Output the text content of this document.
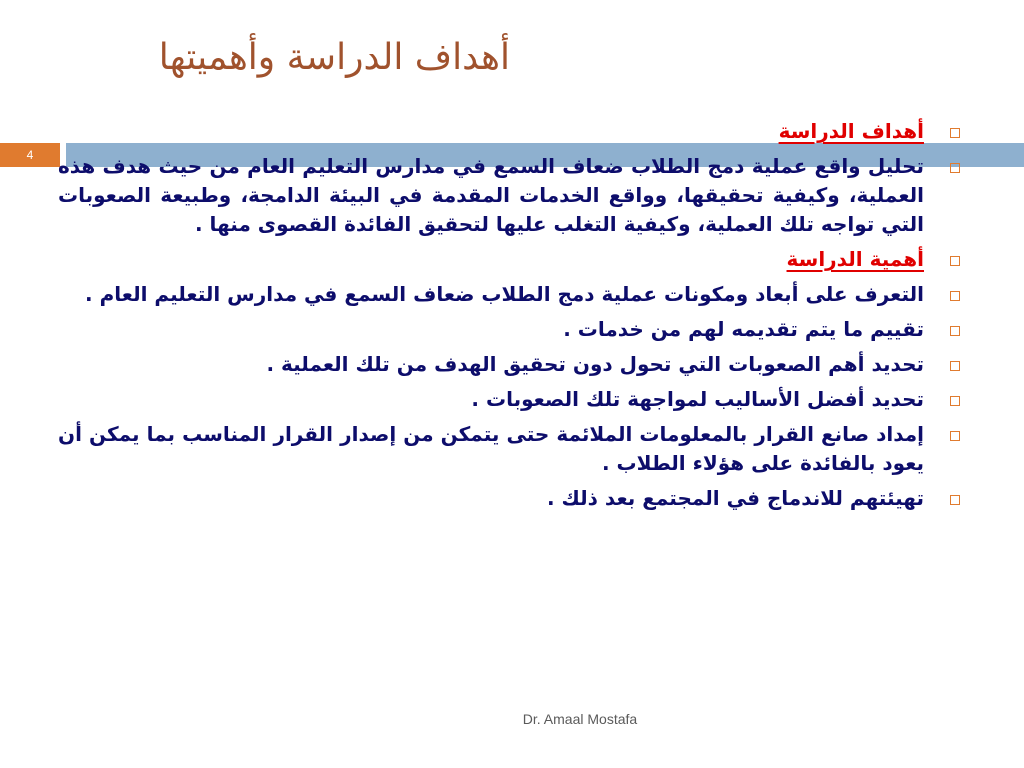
أهداف الدراسة وأهميتها
4
أهداف الدراسة
تحليل واقع عملية دمج الطلاب ضعاف السمع في مدارس التعليم العام من حيث هدف هذه العملية، وكيفية تحقيقها، وواقع الخدمات المقدمة في البيئة الدامجة، وطبيعة الصعوبات التي تواجه تلك العملية، وكيفية التغلب عليها لتحقيق الفائدة القصوى منها .
أهمية الدراسة
التعرف على أبعاد ومكونات عملية دمج الطلاب ضعاف السمع في مدارس التعليم العام .
تقييم ما يتم تقديمه لهم من خدمات .
تحديد أهم الصعوبات التي تحول دون تحقيق الهدف من تلك العملية .
تحديد أفضل الأساليب لمواجهة تلك الصعوبات .
إمداد صانع القرار بالمعلومات الملائمة حتى يتمكن من إصدار القرار المناسب بما يمكن أن يعود بالفائدة على هؤلاء الطلاب .
تهيئتهم للاندماج في المجتمع بعد ذلك .
Dr. Amaal Mostafa
